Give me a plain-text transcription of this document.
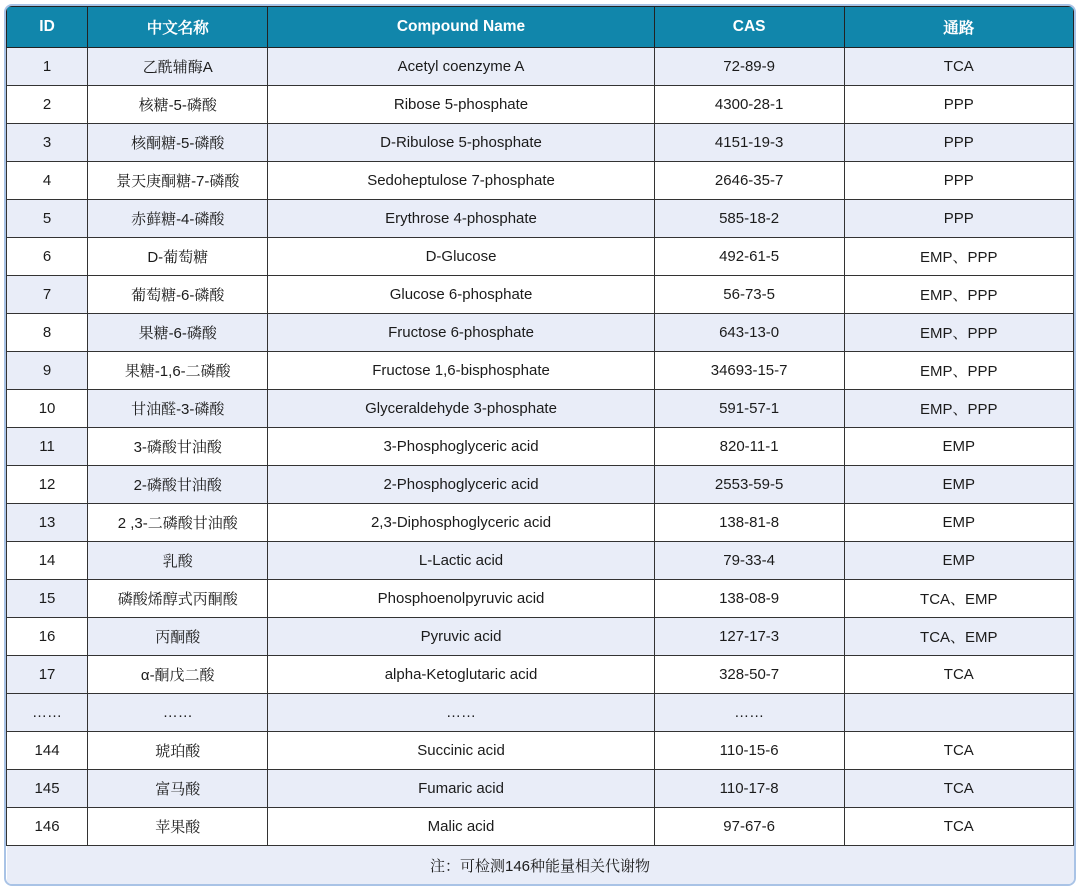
ID	中文名称	Compound Name	CAS	通路
1	乙酰辅酶A	Acetyl coenzyme A	72-89-9	TCA
2	核糖-5-磷酸	Ribose 5-phosphate	4300-28-1	PPP
3	核酮糖-5-磷酸	D-Ribulose 5-phosphate	4151-19-3	PPP
4	景天庚酮糖-7-磷酸	Sedoheptulose 7-phosphate	2646-35-7	PPP
5	赤藓糖-4-磷酸	Erythrose 4-phosphate	585-18-2	PPP
6	D-葡萄糖	D-Glucose	492-61-5	EMP、PPP
7	葡萄糖-6-磷酸	Glucose 6-phosphate	56-73-5	EMP、PPP
8	果糖-6-磷酸	Fructose 6-phosphate	643-13-0	EMP、PPP
9	果糖-1,6-二磷酸	Fructose 1,6-bisphosphate	34693-15-7	EMP、PPP
10	甘油醛-3-磷酸	Glyceraldehyde 3-phosphate	591-57-1	EMP、PPP
11	3-磷酸甘油酸	3-Phosphoglyceric acid	820-11-1	EMP
12	2-磷酸甘油酸	2-Phosphoglyceric acid	2553-59-5	EMP
13	2 ,3-二磷酸甘油酸	2,3-Diphosphoglyceric acid	138-81-8	EMP
14	乳酸	L-Lactic acid	79-33-4	EMP
15	磷酸烯醇式丙酮酸	Phosphoenolpyruvic acid	138-08-9	TCA、EMP
16	丙酮酸	Pyruvic acid	127-17-3	TCA、EMP
17	α-酮戊二酸	alpha-Ketoglutaric acid	328-50-7	TCA
……	……	……	……	
144	琥珀酸	Succinic acid	110-15-6	TCA
145	富马酸	Fumaric acid	110-17-8	TCA
146	苹果酸	Malic acid	97-67-6	TCA
注：可检测146种能量相关代谢物				
